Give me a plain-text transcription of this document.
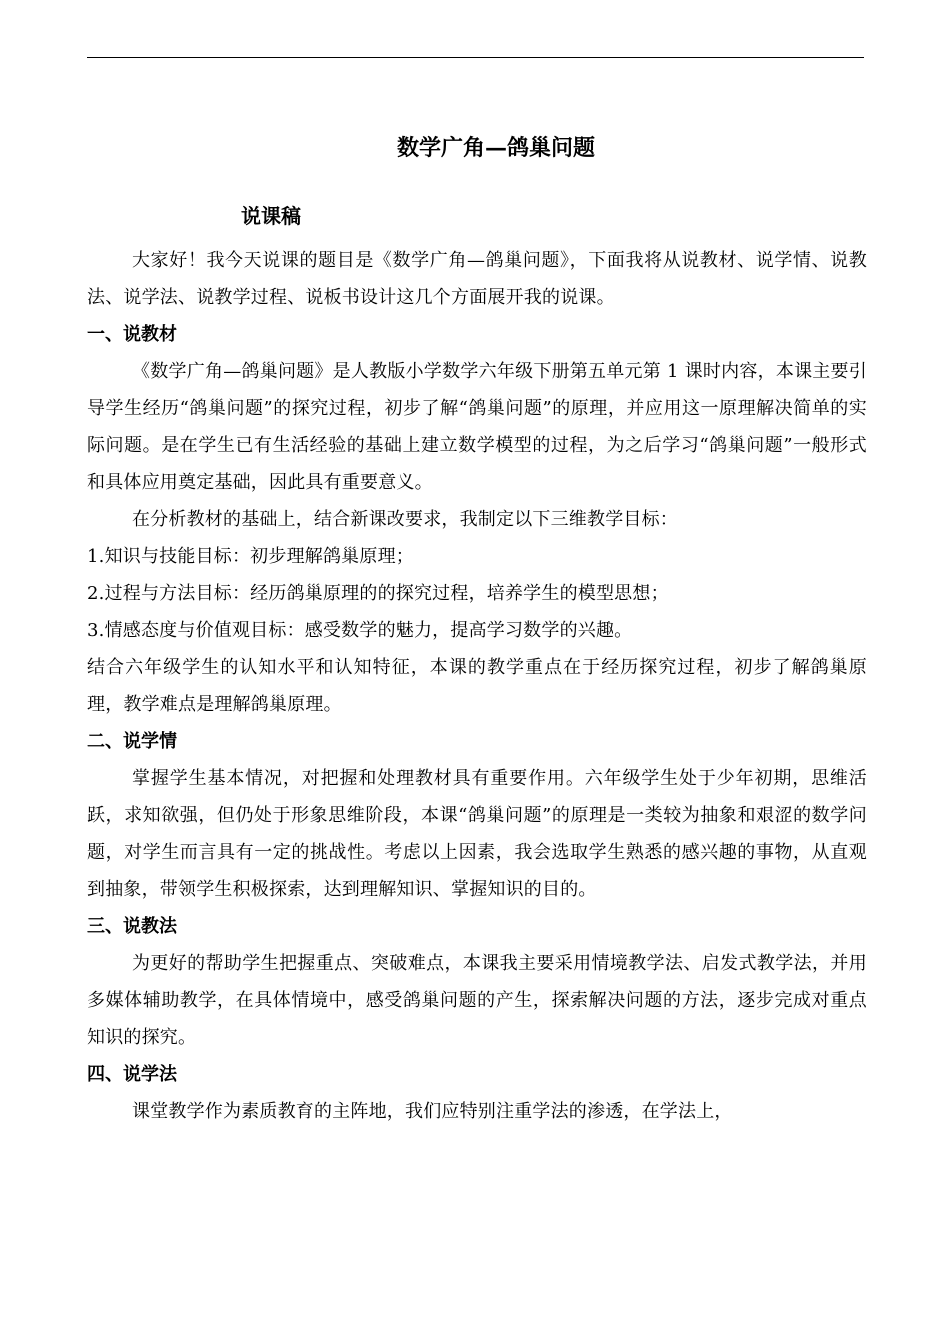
数学广角—鸽巢问题
说课稿

大家好！我今天说课的题目是《数学广角—鸽巢问题》，下面我将从说教材、说学情、说教法、说学法、说教学过程、说板书设计这几个方面展开我的说课。

一、说教材

《数学广角—鸽巢问题》是人教版小学数学六年级下册第五单元第 1 课时内容，本课主要引导学生经历“鸽巢问题”的探究过程，初步了解“鸽巢问题”的原理，并应用这一原理解决简单的实际问题。是在学生已有生活经验的基础上建立数学模型的过程，为之后学习“鸽巢问题”一般形式和具体应用奠定基础，因此具有重要意义。

在分析教材的基础上，结合新课改要求，我制定以下三维教学目标：

1.知识与技能目标：初步理解鸽巢原理；

2.过程与方法目标：经历鸽巢原理的的探究过程，培养学生的模型思想；

3.情感态度与价值观目标：感受数学的魅力，提高学习数学的兴趣。

结合六年级学生的认知水平和认知特征，本课的教学重点在于经历探究过程，初步了解鸽巢原理，教学难点是理解鸽巢原理。

二、说学情

掌握学生基本情况，对把握和处理教材具有重要作用。六年级学生处于少年初期，思维活跃，求知欲强，但仍处于形象思维阶段，本课“鸽巢问题”的原理是一类较为抽象和艰涩的数学问题，对学生而言具有一定的挑战性。考虑以上因素，我会选取学生熟悉的感兴趣的事物，从直观到抽象，带领学生积极探索，达到理解知识、掌握知识的目的。

三、说教法

为更好的帮助学生把握重点、突破难点，本课我主要采用情境教学法、启发式教学法，并用多媒体辅助教学，在具体情境中，感受鸽巢问题的产生，探索解决问题的方法，逐步完成对重点知识的探究。

四、说学法

课堂教学作为素质教育的主阵地，我们应特别注重学法的渗透，在学法上，
